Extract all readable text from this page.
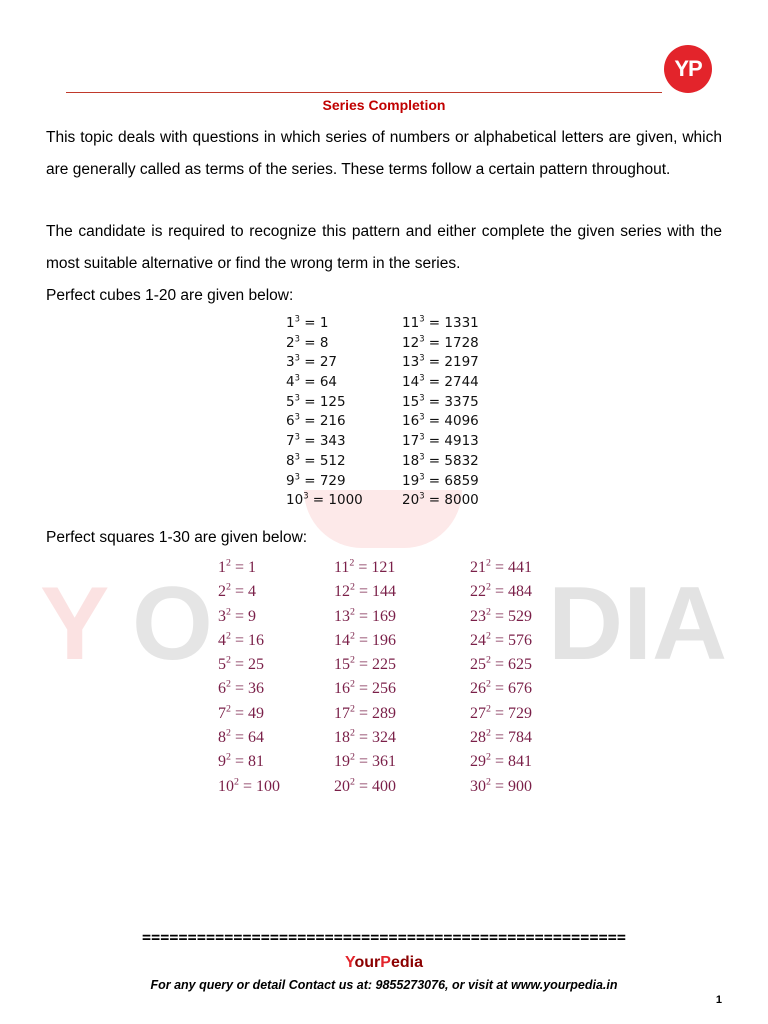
YP
Series Completion
Y O	DIA
This topic deals with questions in which series of numbers or alphabetical letters are given, which are generally called as terms of the series. These terms follow a certain pattern throughout.
The candidate is required to recognize this pattern and either complete the given series with the most suitable alternative or find the wrong term in the series.
Perfect cubes 1-20 are given below:
$1^3 = 1$
$2^3 = 8$
$3^3 = 27$
$4^3 = 64$
$5^3 = 125$
$6^3 = 216$
$7^3 = 343$
$8^3 = 512$
$9^3 = 729$
$10^3 = 1000$
$11^3 = 1331$
$12^3 = 1728$
$13^3 = 2197$
$14^3 = 2744$
$15^3 = 3375$
$16^3 = 4096$
$17^3 = 4913$
$18^3 = 5832$
$19^3 = 6859$
$20^3 = 8000$
Perfect squares 1-30 are given below:
$1^2 = 1$
$2^2 = 4$
$3^2 = 9$
$4^2 = 16$
$5^2 = 25$
$6^2 = 36$
$7^2 = 49$
$8^2 = 64$
$9^2 = 81$
$10^2 = 100$
$11^2 = 121$
$12^2 = 144$
$13^2 = 169$
$14^2 = 196$
$15^2 = 225$
$16^2 = 256$
$17^2 = 289$
$18^2 = 324$
$19^2 = 361$
$20^2 = 400$
$21^2 = 441$
$22^2 = 484$
$23^2 = 529$
$24^2 = 576$
$25^2 = 625$
$26^2 = 676$
$27^2 = 729$
$28^2 = 784$
$29^2 = 841$
$30^2 = 900$
=====================================================
YourPedia
For any query or detail Contact us at: 9855273076, or visit at www.yourpedia.in
1
